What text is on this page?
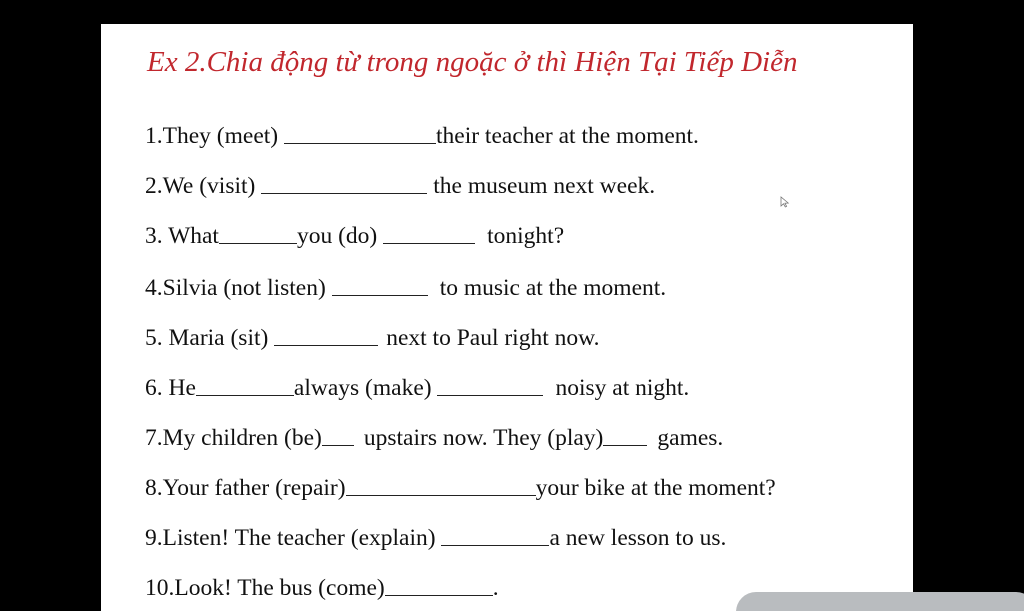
Ex 2.Chia động từ trong ngoặc ở thì Hiện Tại Tiếp Diễn
1.They (meet)	their teacher at the moment.
2.We (visit)	the museum next week.
3. What	you (do)	tonight?
4.Silvia (not listen)	to music at the moment.
5. Maria (sit)	next to Paul right now.
6. He	always (make)	noisy at night.
7.My children (be) upstairs now. They (play) games.
8.Your father (repair)	your bike at the moment?
9.Listen! The teacher (explain)	a new lesson to us.
10.Look! The bus (come)	.
